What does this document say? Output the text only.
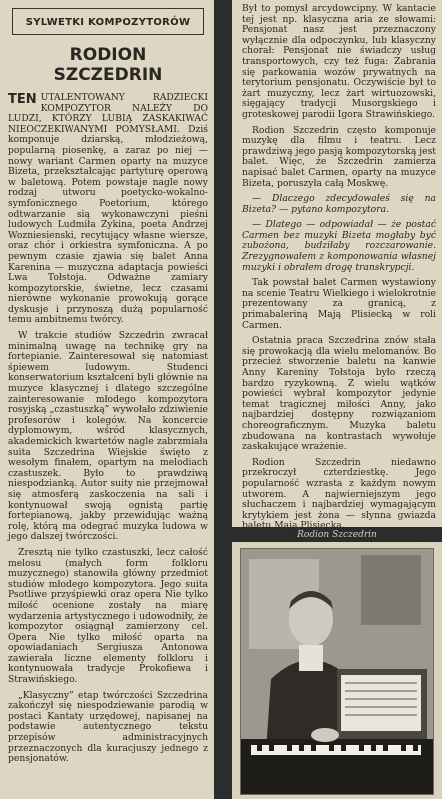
SYLWETKI KOMPOZYTORÓW
RODION
SZCZEDRIN

TEN UTALENTOWANY RADZIECKI KOMPOZYTOR NALEŻY DO LUDZI, KTÓRZY LUBIĄ ZASKAKIWAĆ NIEOCZEKIWANYMI POMYSŁAMI. Dziś komponuje dziarską, młodzieżową, popularną piosenkę, a zaraz po niej — nowy wariant Carmen oparty na muzyce Bizeta, przekształcając partyturę operową w baletową. Potem powstaje nagle nowy rodzaj utworu poetycko-wokalno-symfonicznego Poetorium, którego odtwarzanie sią wykonawczyni pieśni ludowych Ludmiła Zykina, poeta Andrzej Wozniesienski, recytujący własne wiersze, oraz chór i orkiestra symfoniczna. A po pewnym czasie zjawia się balet Anna Karenina — muzyczna adaptacja powieści Lwa Tołstoja. Odważne zamiary kompozytorskie, świetne, lecz czasami nierówne wykonanie prowokują gorące dyskusje i przynoszą dużą popularność temu ambitnemu twórcy.

W trakcie studiów Szczedrin zwracał minimalną uwagę na technikę gry na fortepianie. Zainteresował się natomiast śpiewem ludowym. Studenci konserwatorium kształceni byli głównie na muzyce klasycznej i dlatego szczególne zainteresowanie młodego kompozytora rosyjską „czastuszką” wywołało zdziwienie profesorów i kolegów. Na koncercie dyplomowym, wśród klasycznych, akademickich kwartetów nagle zabrzmiała suita Szczedrina Wiejskie święto z wesołym finałem, opartym na melodiach czastuszek. Było to prawdziwą niespodzianką. Autor suity nie przejmował się atmosferą zaskoczenia na sali i kontynuował swoją ognistą partię fortepianową, jakby przewidując ważną rolę, którą ma odegrać muzyka ludowa w jego dalszej twórczości.

Zresztą nie tylko czastuszki, lecz całość melosu (małych form folkloru muzycznego) stanowiła główny przedmiot studiów młodego kompozytora. Jego suita Psotliwe przyśpiewki oraz opera Nie tylko miłość ocenione zostały na miarę wydarzenia artystycznego i udowodniły, że kompozytor osiągnął zamierzony cel. Opera Nie tylko miłość oparta na opowiadaniach Sergiusza Antonowa zawierała liczne elementy folkloru i kontynuowała tradycje Prokofiewa i Strawińskiego.

„Klasyczny” etap twórczości Szczedrina zakończył się niespodziewanie parodią w postaci Kantaty urzędowej, napisanej na podstawie autentycznego tekstu przepisów administracyjnych przeznaczonych dla kuracjuszy jednego z pensjonatów.

Był to pomysł arcydowcipny. W kantacie tej jest np. klasyczna aria ze słowami: Pensjonat nasz jest przeznaczony wyłącznie dla odpoczynku, lub klasyczny chorał: Pensjonat nie świadczy usług transportowych, czy też fuga: Zabrania się parkowania wozów prywatnych na terytorium pensjonatu. Oczywiście był to żart muzyczny, lecz żart wirtuozowski, sięgający tradycji Musorgskiego i groteskowej parodii Igora Strawińskiego.

Rodion Szczedrin często komponuje muzykę dla filmu i teatru. Lecz prawdziwą jego pasją kompozytorską jest balet. Więc, że Szczedrin zamierza napisać balet Carmen, oparty na muzyce Bizeta, poruszyła całą Moskwę.

— Dlaczego zdecydowałeś się na Bizeta? — pytano kompozytora.

— Dlatego — odpowiadał — że postać Carmen bez muzyki Bizeta mogłaby być zubożona, budziłaby rozczarowanie. Zrezygnowałem z komponowania własnej muzyki i obrałem drogę transkrypcji.

Tak powstał balet Carmen wystawiony na scenie Teatru Wielkiego i wielokrotnie prezentowany za granicą, z primabaleriną Mają Plisiecką w roli Carmen.

Ostatnia praca Szczedrina znów stała się prowokacją dla wielu melomanów. Bo przecież stworzenie baletu na kanwie Anny Kareniny Tołstoja było rzeczą bardzo ryzykowną. Z wielu wątków powieści wybrał kompozytor jedynie temat tragicznej miłości Anny, jako najbardziej dostępny rozwiązaniom choreograficznym. Muzyka baletu zbudowana na kontrastach wywołuje zaskakujące wrażenie.

Rodion Szczedrin niedawno przekroczył czterdziestkę. Jego popularność wzrasta z każdym nowym utworem. A najwierniejszym jego słuchaczem i najbardziej wymagającym krytykiem jest żona — słynna gwiazda baletu Maja Plisiecka.

Rodion Szczedrin
